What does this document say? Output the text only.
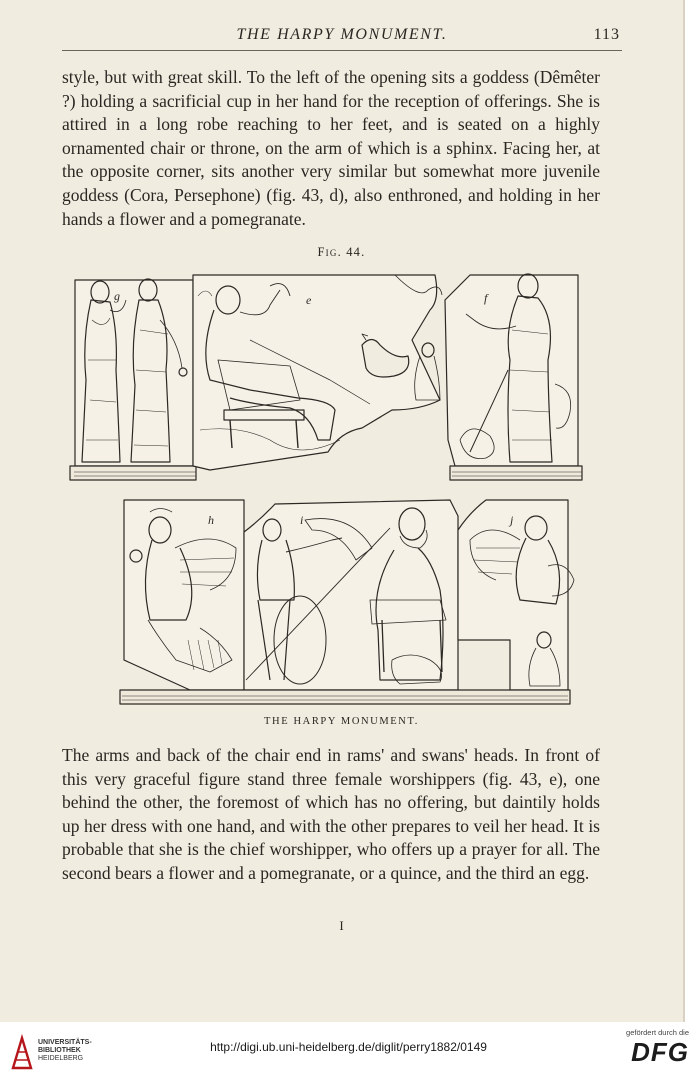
THE HARPY MONUMENT.	113

style, but with great skill. To the left of the opening sits a goddess (Dêmêter ?) holding a sacrificial cup in her hand for the reception of offerings. She is attired in a long robe reaching to her feet, and is seated on a highly ornamented chair or throne, on the arm of which is a sphinx. Facing her, at the opposite corner, sits another very similar but somewhat more juvenile goddess (Cora, Persephone) (fig. 43, d), also enthroned, and holding in her hands a flower and a pomegranate.

Fig. 44.
g	e	f
h	i	j
THE HARPY MONUMENT.

The arms and back of the chair end in rams' and swans' heads. In front of this very graceful figure stand three female worshippers (fig. 43, e), one behind the other, the foremost of which has no offering, but daintily holds up her dress with one hand, and with the other prepares to veil her head. It is probable that she is the chief worshipper, who offers up a prayer for all. The second bears a flower and a pomegranate, or a quince, and the third an egg.

I
UNIVERSITÄTS-
BIBLIOTHEK
HEIDELBERG
http://digi.ub.uni-heidelberg.de/diglit/perry1882/0149
gefördert durch die
DFG
